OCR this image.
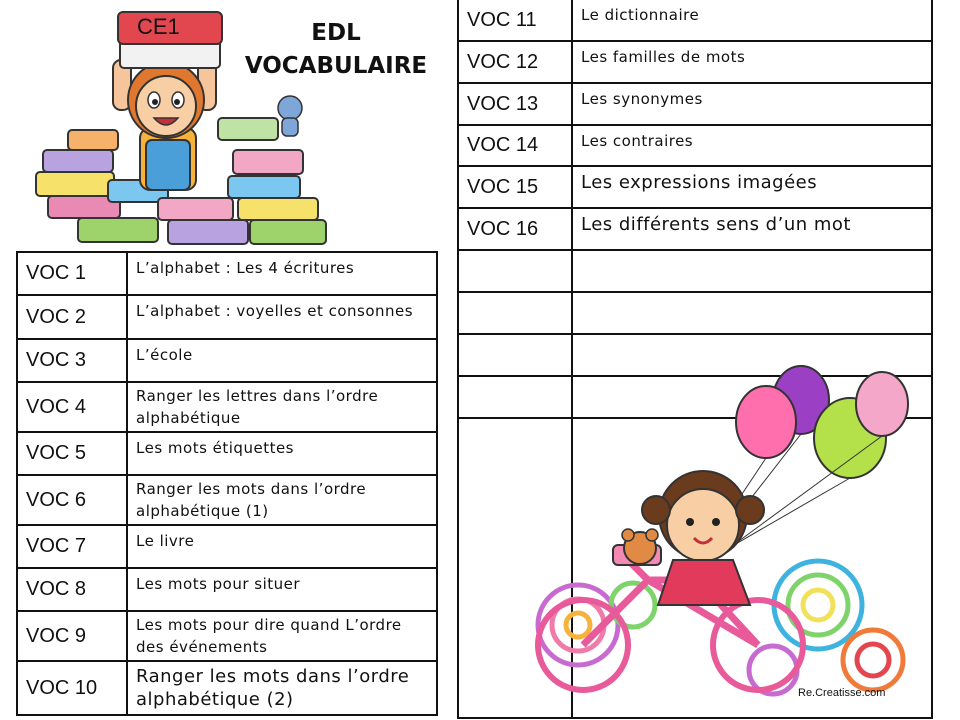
CE1	EDL
VOCABULAIRE
VOC 1	L’alphabet : Les 4 écritures
VOC 2	L’alphabet : voyelles et consonnes
VOC 3	L’école
VOC 4	Ranger les lettres dans l’ordre alphabétique
VOC 5	Les mots étiquettes
VOC 6	Ranger les mots dans l’ordre alphabétique (1)
VOC 7	Le livre
VOC 8	Les mots pour situer
VOC 9	Les mots pour dire quand L’ordre des événements
VOC 10	Ranger les mots dans l’ordre alphabétique (2)
VOC 11	Le dictionnaire
VOC 12	Les familles de mots
VOC 13	Les synonymes
VOC 14	Les contraires
VOC 15	Les expressions imagées
VOC 16	Les différents sens d’un mot

Re.Creatisse.com
